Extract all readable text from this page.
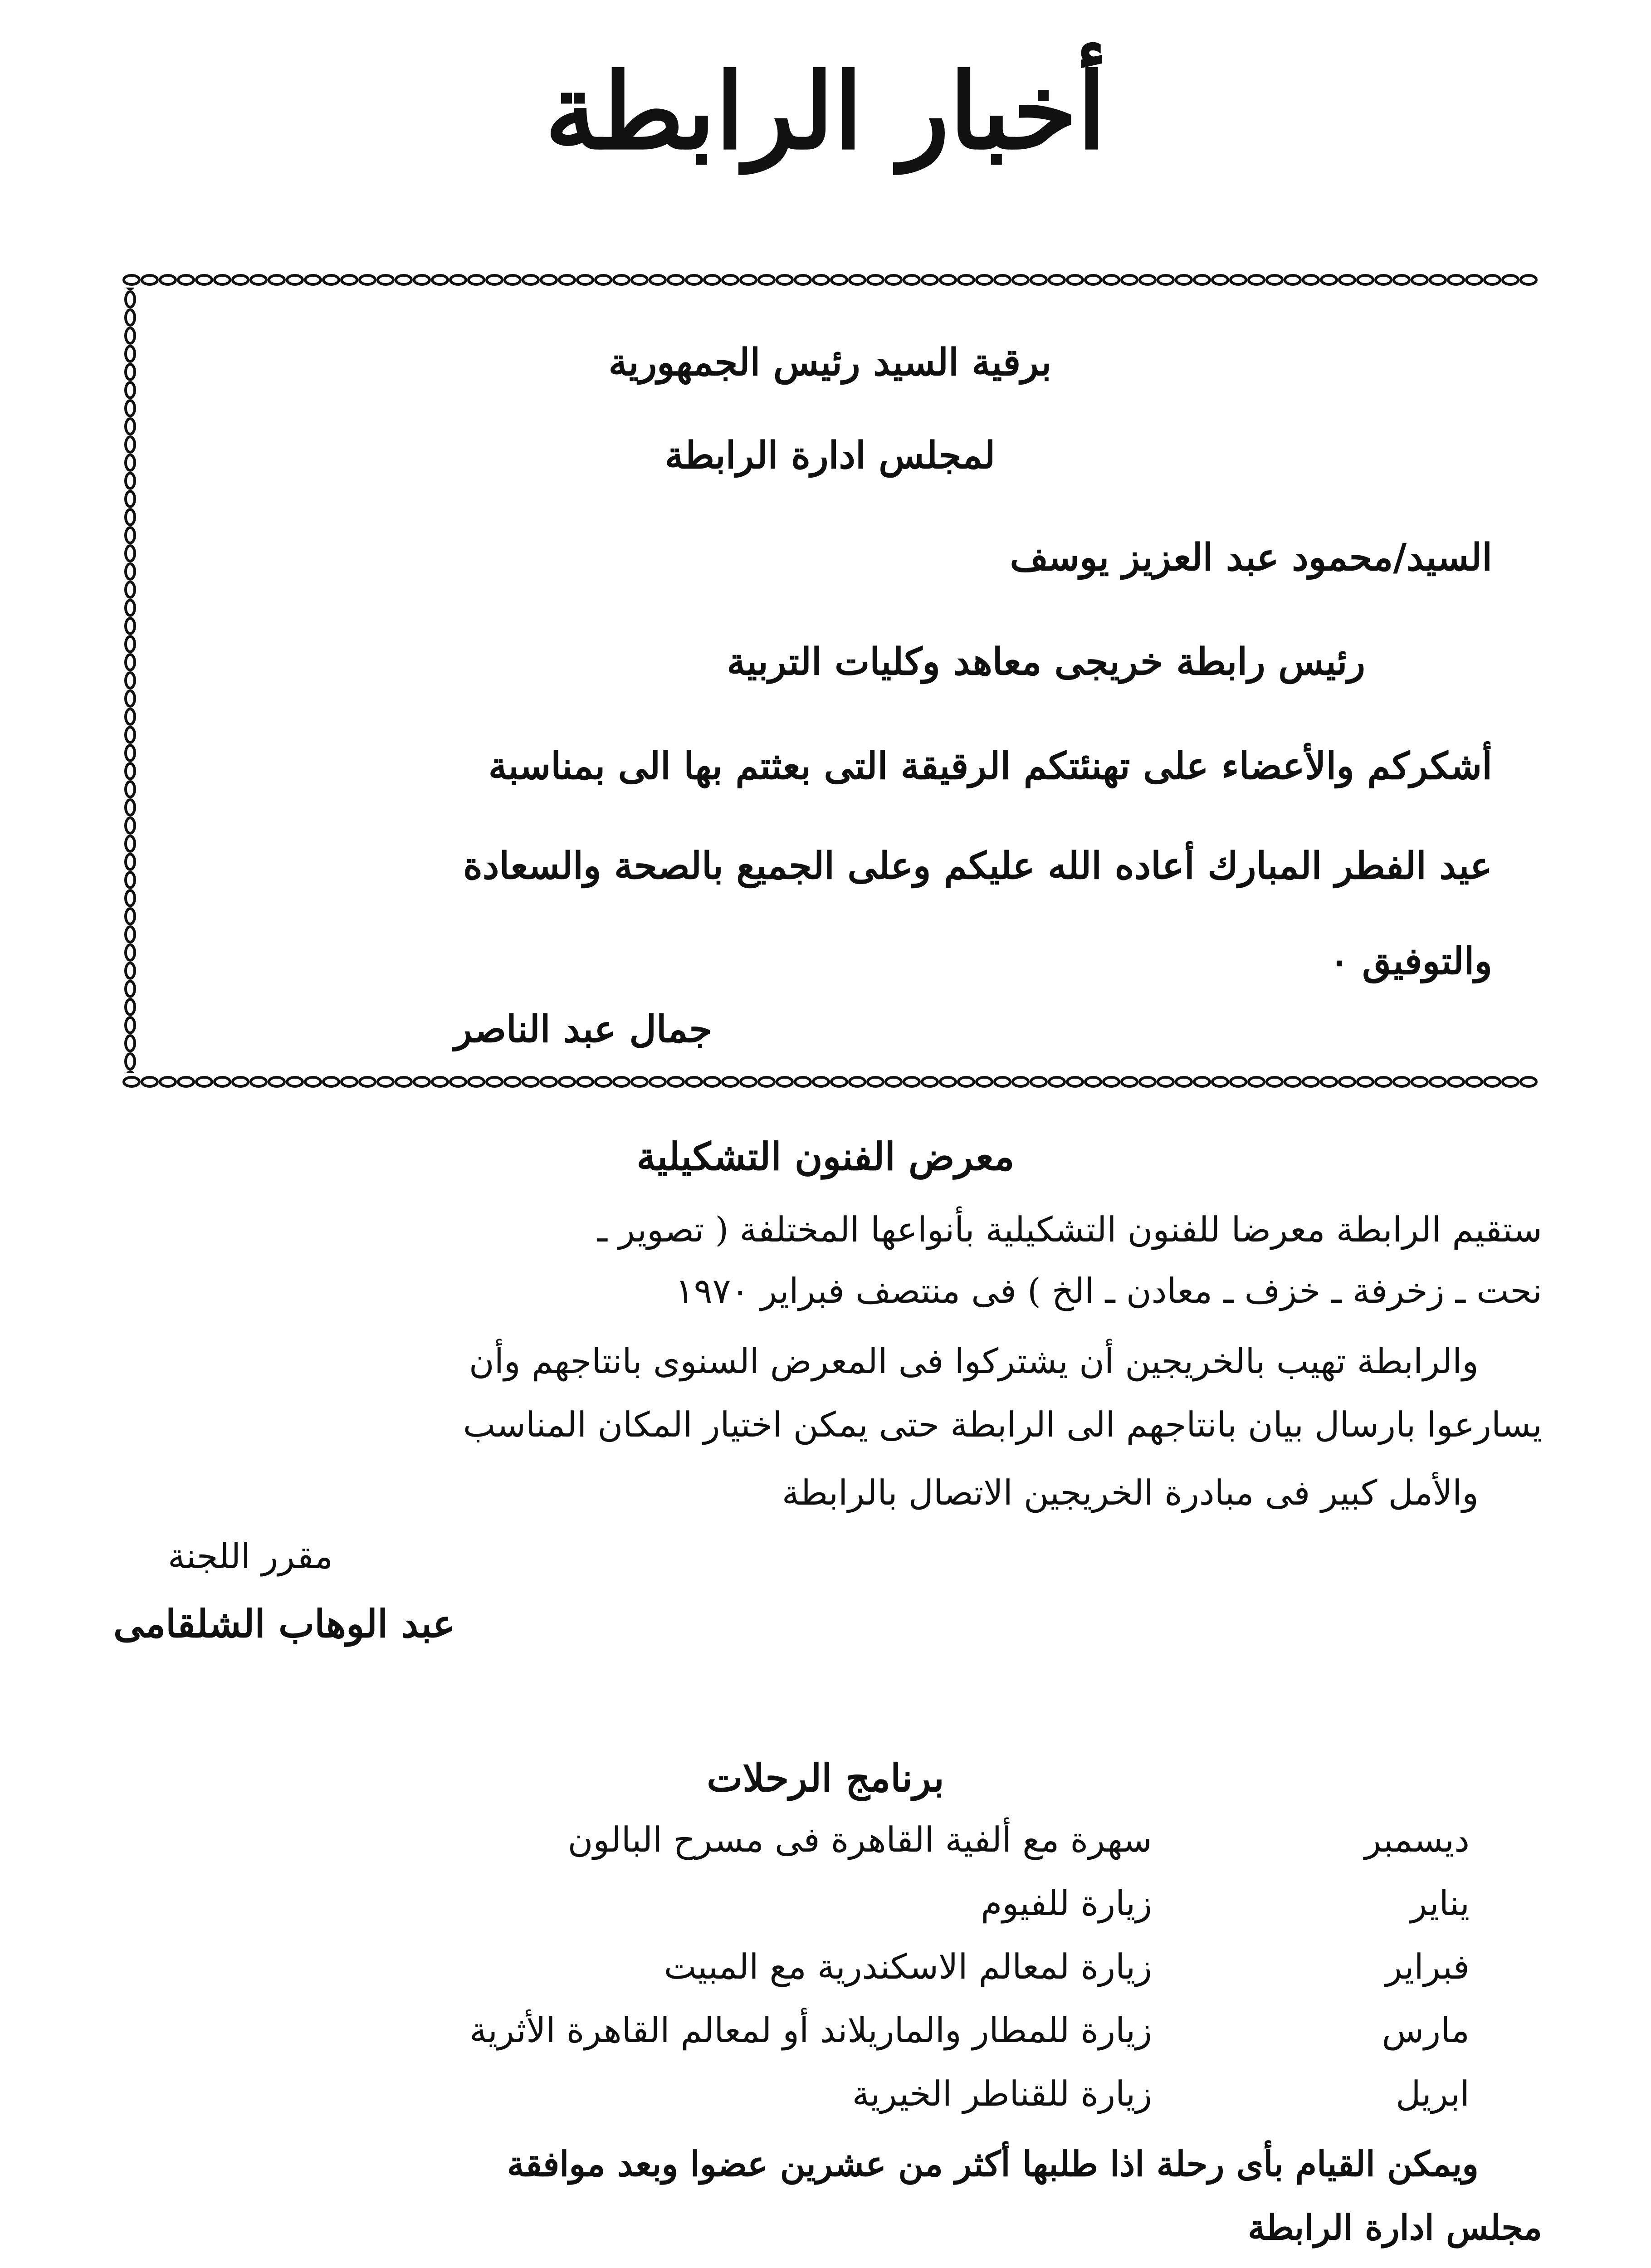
أخبار الرابطة
برقية السيد رئيس الجمهورية
لمجلس ادارة الرابطة
السيد/محمود عبد العزيز يوسف
رئيس رابطة خريجى معاهد وكليات التربية
أشكركم والأعضاء على تهنئتكم الرقيقة التى بعثتم بها الى بمناسبة
عيد الفطر المبارك أعاده الله عليكم وعلى الجميع بالصحة والسعادة
والتوفيق ٠
جمال عبد الناصر
معرض الفنون التشكيلية
ستقيم الرابطة معرضا للفنون التشكيلية بأنواعها المختلفة ( تصوير ـ
نحت ـ زخرفة ـ خزف ـ معادن ـ الخ ) فى منتصف فبراير ١٩٧٠
والرابطة تهيب بالخريجين أن يشتركوا فى المعرض السنوى بانتاجهم وأن
يسارعوا بارسال بيان بانتاجهم الى الرابطة حتى يمكن اختيار المكان المناسب
والأمل كبير فى مبادرة الخريجين الاتصال بالرابطة
مقرر اللجنة
عبد الوهاب الشلقامى
برنامج الرحلات
ديسمبر
سهرة مع ألفية القاهرة فى مسرح البالون
يناير
زيارة للفيوم
فبراير
زيارة لمعالم الاسكندرية مع المبيت
مارس
زيارة للمطار والماريلاند أو لمعالم القاهرة الأثرية
ابريل
زيارة للقناطر الخيرية
ويمكن القيام بأى رحلة اذا طلبها أكثر من عشرين عضوا وبعد موافقة
مجلس ادارة الرابطة
